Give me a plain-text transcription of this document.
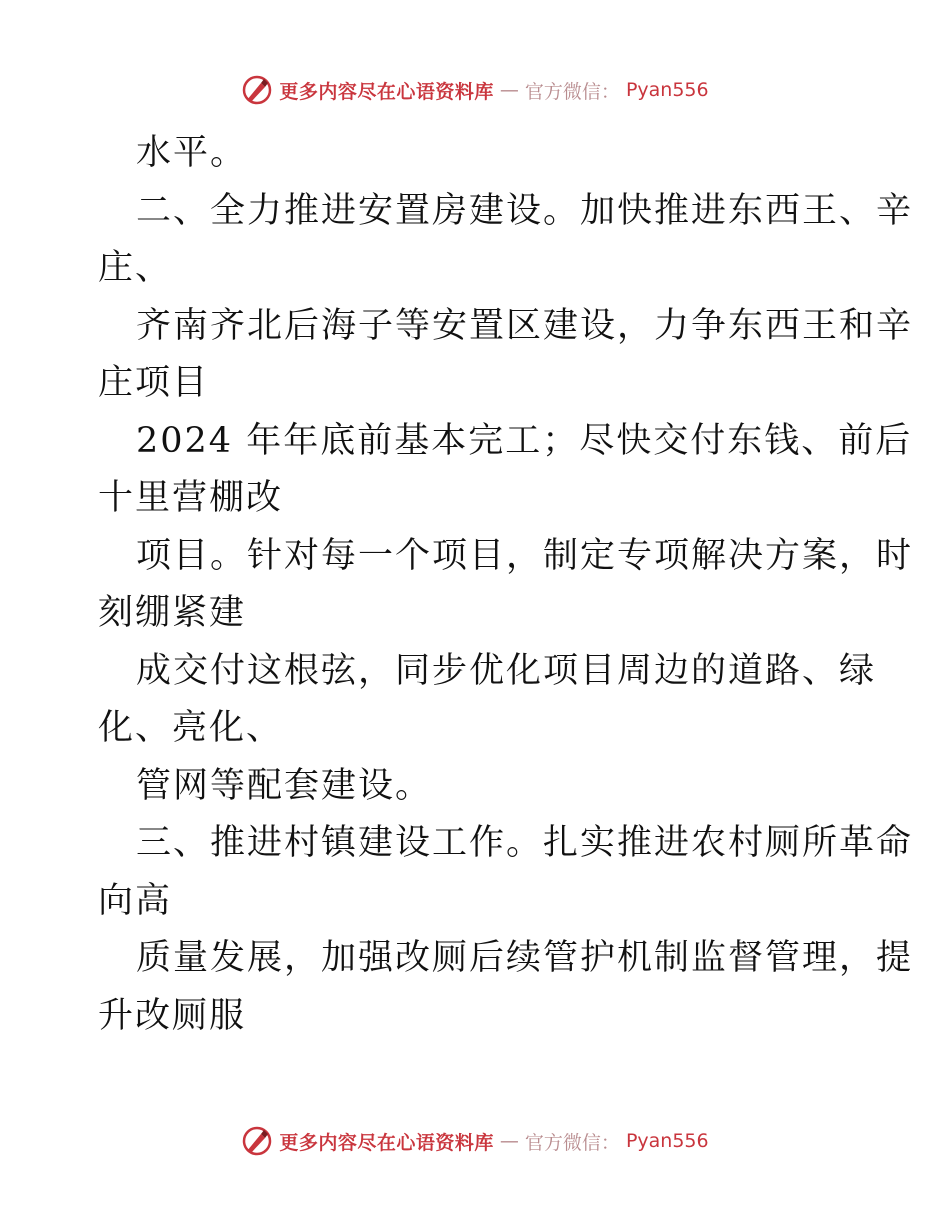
更多内容尽在心语资料库 — 官方微信： Pyan556
水平。
二、全力推进安置房建设。加快推进东西王、辛
庄、
齐南齐北后海子等安置区建设，力争东西王和辛
庄项目
2024 年年底前基本完工；尽快交付东钱、前后
十里营棚改
项目。针对每一个项目，制定专项解决方案，时
刻绷紧建
成交付这根弦，同步优化项目周边的道路、绿
化、亮化、
管网等配套建设。
三、推进村镇建设工作。扎实推进农村厕所革命
向高
质量发展，加强改厕后续管护机制监督管理，提
升改厕服
更多内容尽在心语资料库 — 官方微信： Pyan556
